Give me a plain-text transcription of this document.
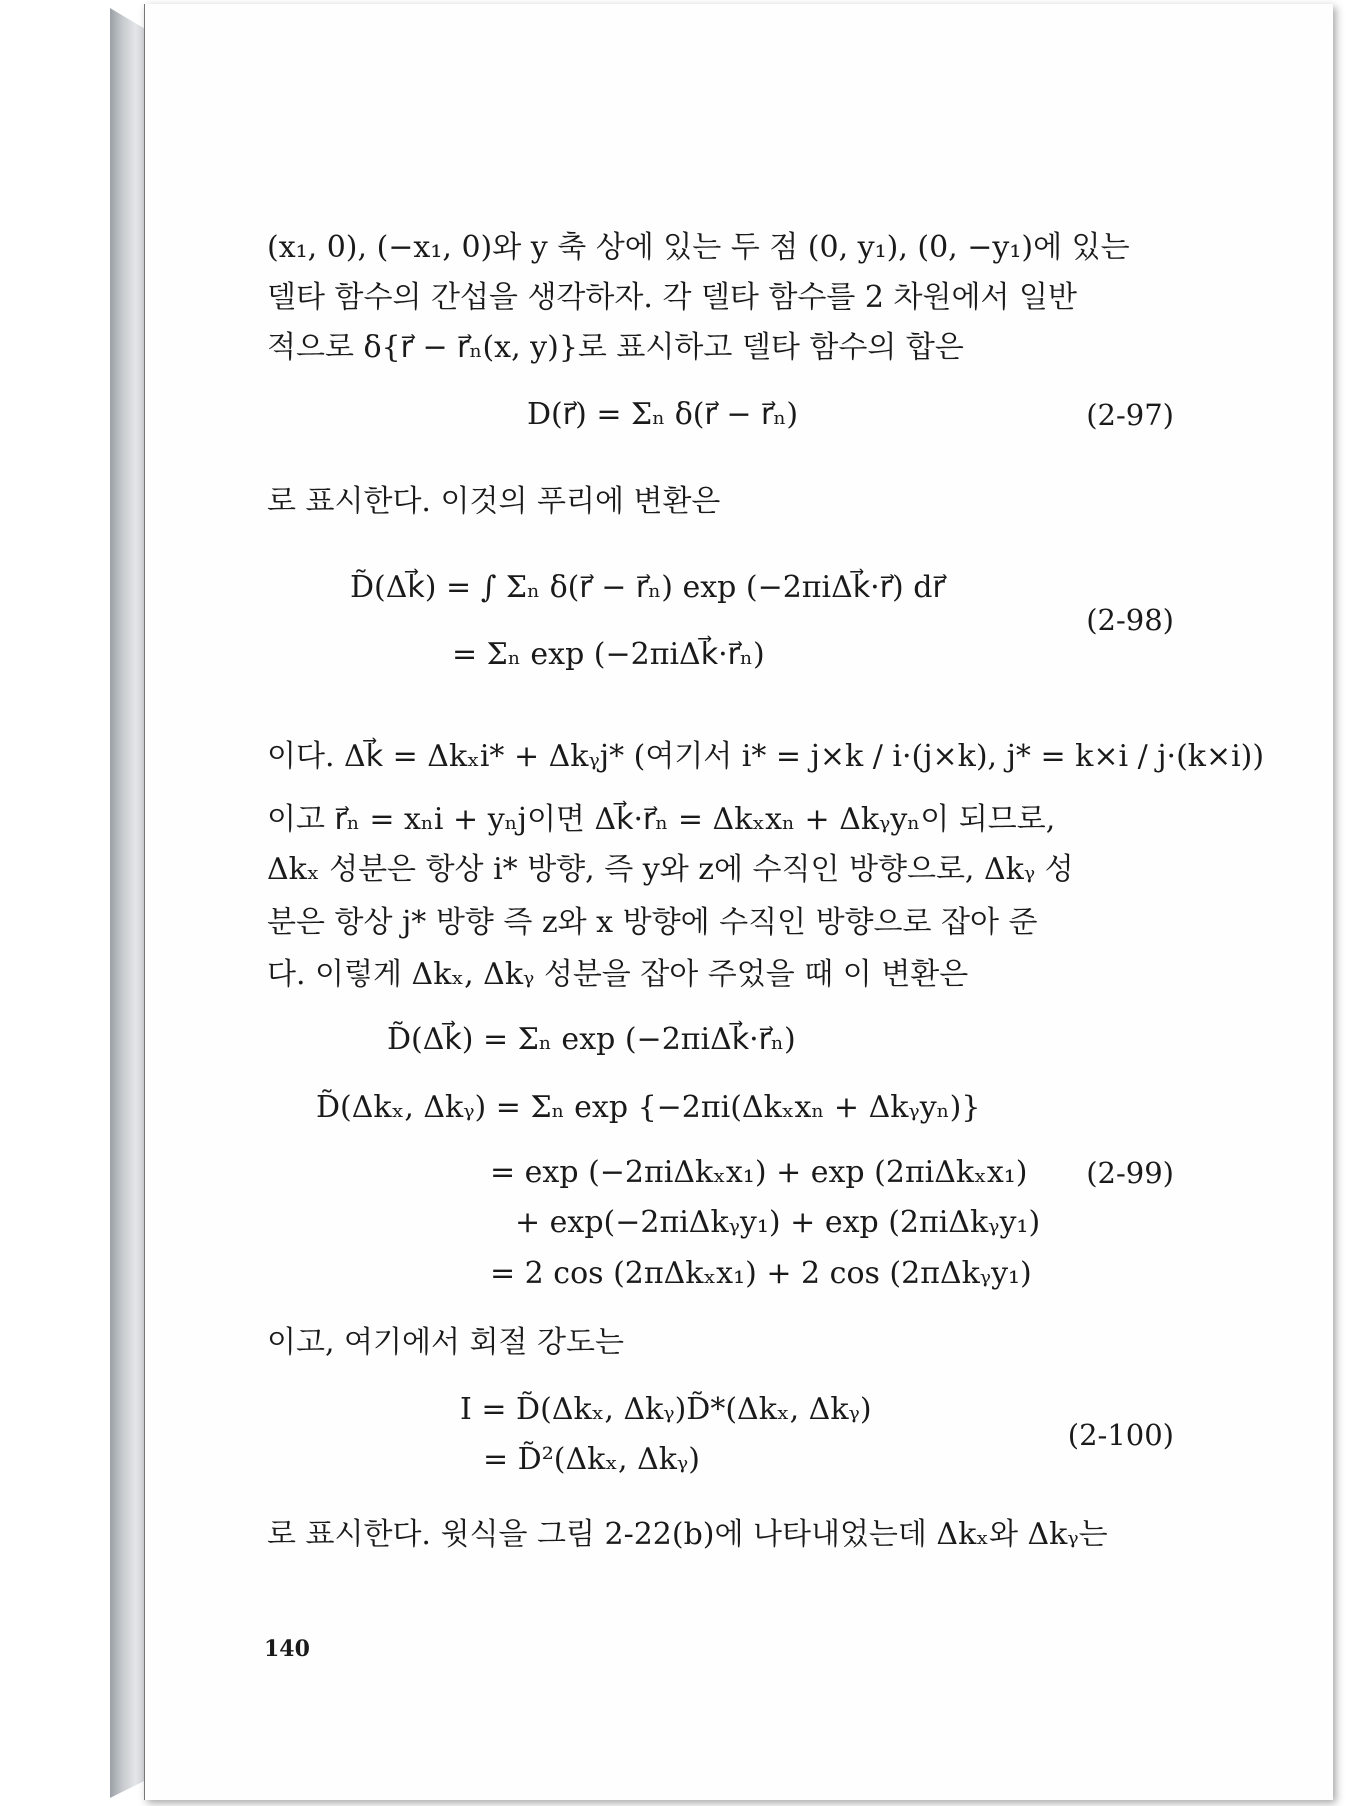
(x₁, 0), (−x₁, 0)와 y 축 상에 있는 두 점 (0, y₁), (0, −y₁)에 있는
델타 함수의 간섭을 생각하자. 각 델타 함수를 2 차원에서 일반
적으로 δ{r⃗ − r⃗ₙ(x, y)}로 표시하고 델타 함수의 합은
D(r⃗) = Σₙ δ(r⃗ − r⃗ₙ)	(2-97)
로 표시한다. 이것의 푸리에 변환은
D̃(Δk⃗) = ∫ Σₙ δ(r⃗ − r⃗ₙ) exp (−2πiΔk⃗·r⃗) dr⃗
= Σₙ exp (−2πiΔk⃗·r⃗ₙ)
(2-98)
이다. Δk⃗ = Δkₓi* + Δkᵧj* (여기서 i* = j×k / i·(j×k), j* = k×i / j·(k×i))
이고 r⃗ₙ = xₙi + yₙj이면 Δk⃗·r⃗ₙ = Δkₓxₙ + Δkᵧyₙ이 되므로,
Δkₓ 성분은 항상 i* 방향, 즉 y와 z에 수직인 방향으로, Δkᵧ 성
분은 항상 j* 방향 즉 z와 x 방향에 수직인 방향으로 잡아 준
다. 이렇게 Δkₓ, Δkᵧ 성분을 잡아 주었을 때 이 변환은
D̃(Δk⃗) = Σₙ exp (−2πiΔk⃗·r⃗ₙ)
D̃(Δkₓ, Δkᵧ) = Σₙ exp {−2πi(Δkₓxₙ + Δkᵧyₙ)}
= exp (−2πiΔkₓx₁) + exp (2πiΔkₓx₁)
+ exp(−2πiΔkᵧy₁) + exp (2πiΔkᵧy₁)
= 2 cos (2πΔkₓx₁) + 2 cos (2πΔkᵧy₁)
(2-99)
이고, 여기에서 회절 강도는
I = D̃(Δkₓ, Δkᵧ)D̃*(Δkₓ, Δkᵧ)
= D̃²(Δkₓ, Δkᵧ)
(2-100)
로 표시한다. 윗식을 그림 2-22(b)에 나타내었는데 Δkₓ와 Δkᵧ는
140
